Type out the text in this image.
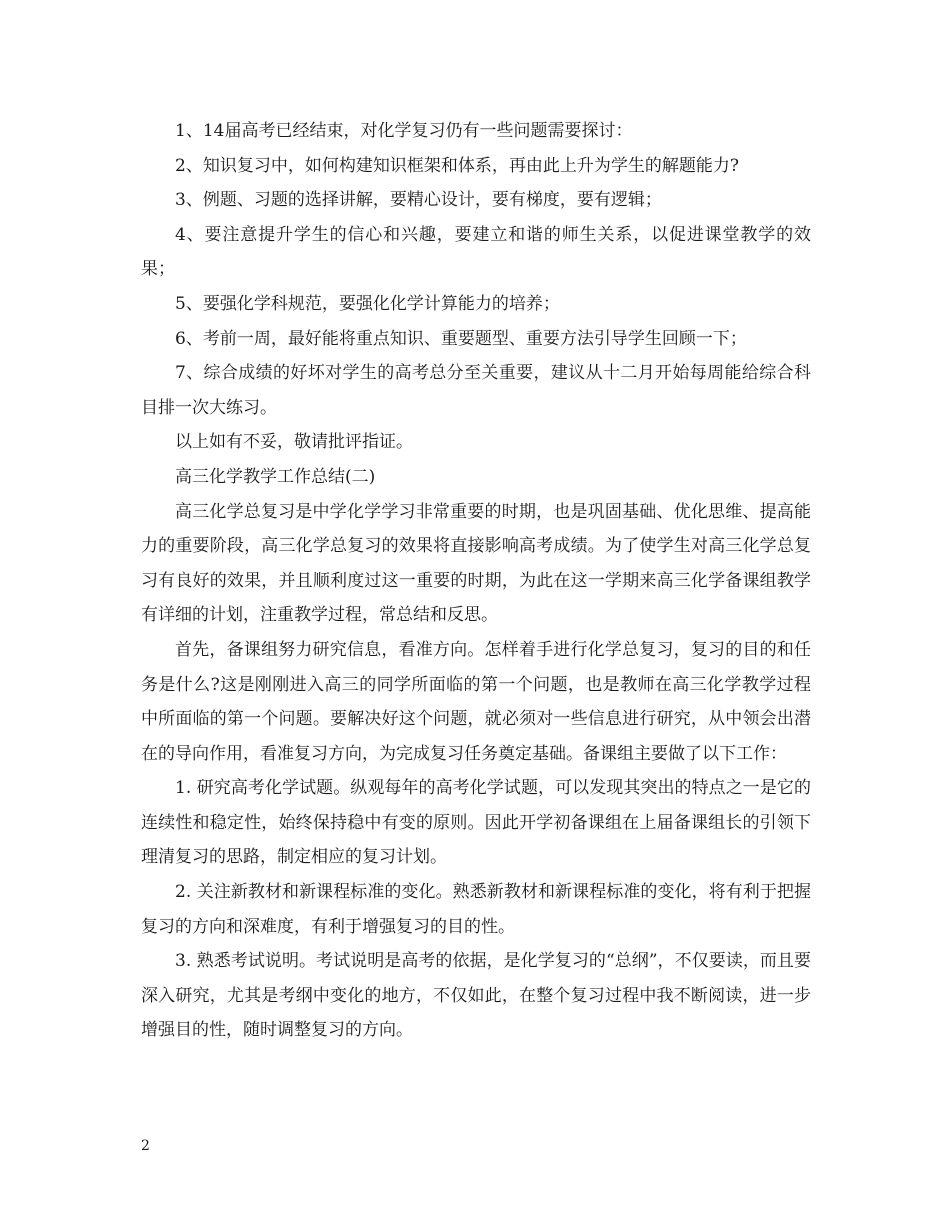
1、14届高考已经结束，对化学复习仍有一些问题需要探讨：

2、知识复习中，如何构建知识框架和体系，再由此上升为学生的解题能力?

3、例题、习题的选择讲解，要精心设计，要有梯度，要有逻辑；

4、要注意提升学生的信心和兴趣，要建立和谐的师生关系，以促进课堂教学的效果；

5、要强化学科规范，要强化化学计算能力的培养；

6、考前一周，最好能将重点知识、重要题型、重要方法引导学生回顾一下；

7、综合成绩的好坏对学生的高考总分至关重要，建议从十二月开始每周能给综合科目排一次大练习。

以上如有不妥，敬请批评指证。

高三化学教学工作总结(二)

高三化学总复习是中学化学学习非常重要的时期，也是巩固基础、优化思维、提高能力的重要阶段，高三化学总复习的效果将直接影响高考成绩。为了使学生对高三化学总复习有良好的效果，并且顺利度过这一重要的时期，为此在这一学期来高三化学备课组教学有详细的计划，注重教学过程，常总结和反思。

首先，备课组努力研究信息，看准方向。怎样着手进行化学总复习，复习的目的和任务是什么?这是刚刚进入高三的同学所面临的第一个问题，也是教师在高三化学教学过程中所面临的第一个问题。要解决好这个问题，就必须对一些信息进行研究，从中领会出潜在的导向作用，看准复习方向，为完成复习任务奠定基础。备课组主要做了以下工作：

1. 研究高考化学试题。纵观每年的高考化学试题，可以发现其突出的特点之一是它的连续性和稳定性，始终保持稳中有变的原则。因此开学初备课组在上届备课组长的引领下理清复习的思路，制定相应的复习计划。

2. 关注新教材和新课程标准的变化。熟悉新教材和新课程标准的变化，将有利于把握复习的方向和深难度，有利于增强复习的目的性。

3. 熟悉考试说明。考试说明是高考的依据，是化学复习的“总纲”，不仅要读，而且要深入研究，尤其是考纲中变化的地方，不仅如此，在整个复习过程中我不断阅读，进一步增强目的性，随时调整复习的方向。

2
